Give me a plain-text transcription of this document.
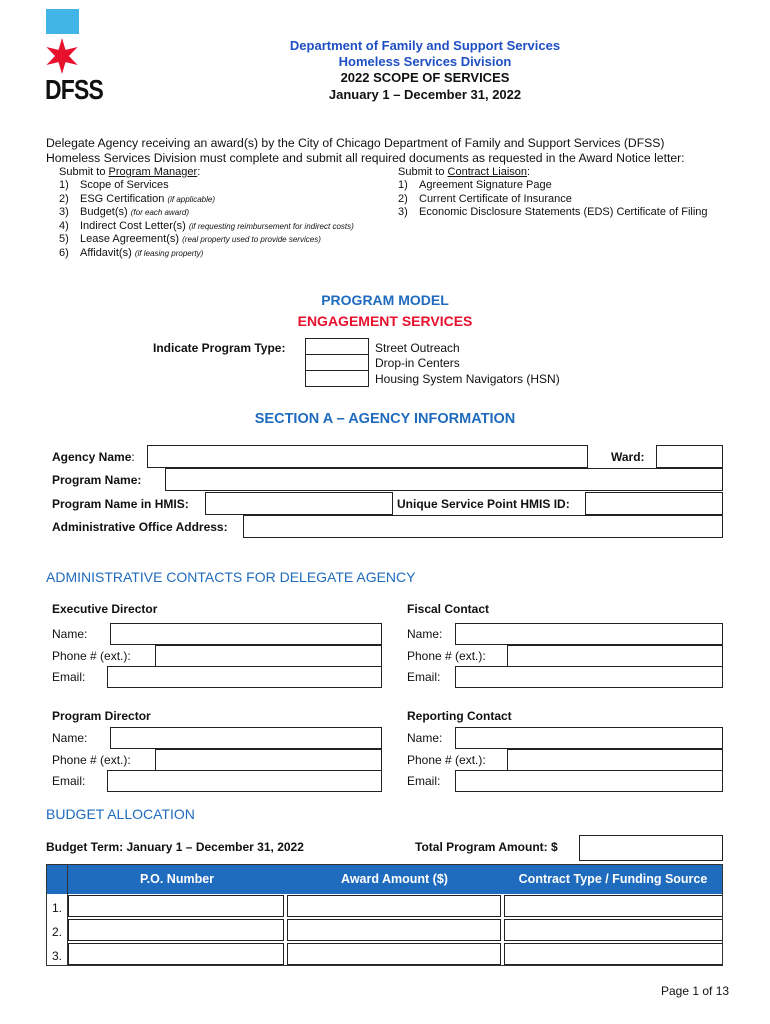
DFSS
Department of Family and Support Services
Homeless Services Division
2022 SCOPE OF SERVICES
January 1 – December 31, 2022
Delegate Agency receiving an award(s) by the City of Chicago Department of Family and Support Services (DFSS)
Homeless Services Division must complete and submit all required documents as requested in the Award Notice letter:
Submit to Program Manager:
1) Scope of Services
2) ESG Certification (if applicable)
3) Budget(s) (for each award)
4) Indirect Cost Letter(s) (if requesting reimbursement for indirect costs)
5) Lease Agreement(s) (real property used to provide services)
6) Affidavit(s) (if leasing property)
Submit to Contract Liaison:
1) Agreement Signature Page
2) Current Certificate of Insurance
3) Economic Disclosure Statements (EDS) Certificate of Filing
PROGRAM MODEL
ENGAGEMENT SERVICES
Indicate Program Type:	Street Outreach
Drop-in Centers
Housing System Navigators (HSN)
SECTION A – AGENCY INFORMATION
Agency Name:	Ward:
Program Name:
Program Name in HMIS:	Unique Service Point HMIS ID:
Administrative Office Address:
ADMINISTRATIVE CONTACTS FOR DELEGATE AGENCY
Executive Director
Name:
Phone # (ext.):
Email:
Fiscal Contact
Name:
Phone # (ext.):
Email:
Program Director
Name:
Phone # (ext.):
Email:
Reporting Contact
Name:
Phone # (ext.):
Email:
BUDGET ALLOCATION
Budget Term: January 1 – December 31, 2022	Total Program Amount: $
P.O. Number	Award Amount ($)	Contract Type / Funding Source
1.
2.
3.
Page 1 of 13
